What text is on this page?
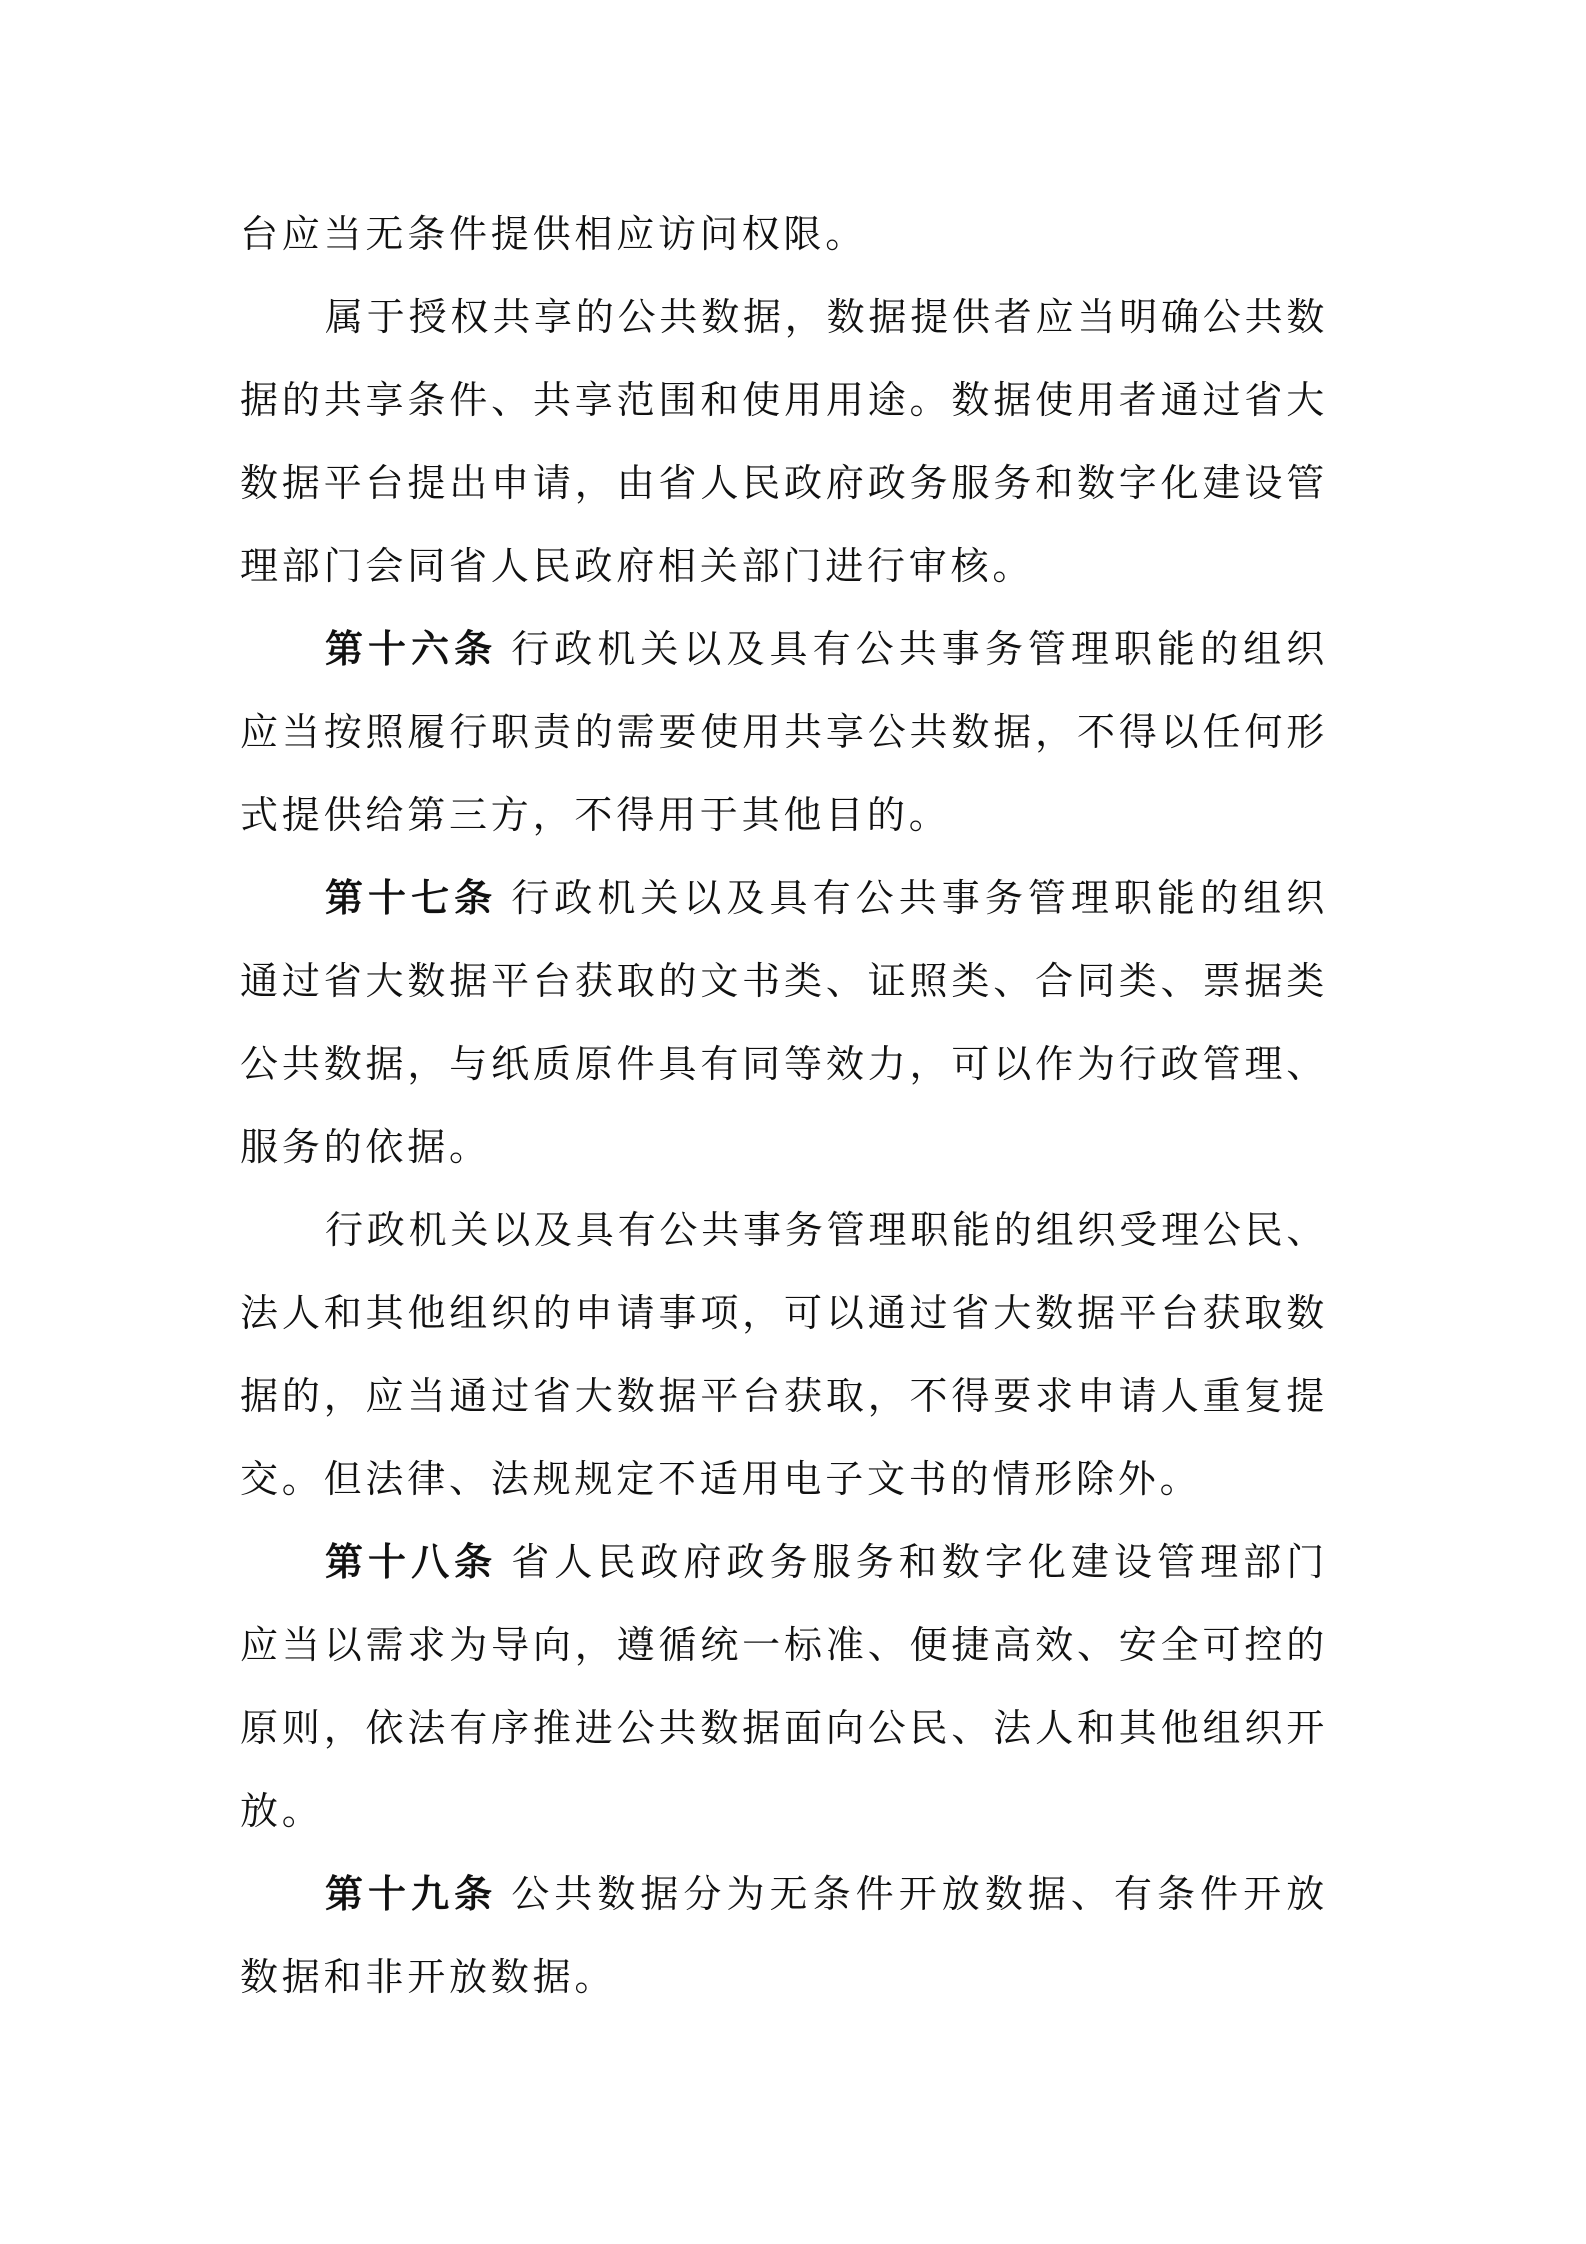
台应当无条件提供相应访问权限。
属于授权共享的公共数据，数据提供者应当明确公共数
据的共享条件、共享范围和使用用途。数据使用者通过省大
数据平台提出申请，由省人民政府政务服务和数字化建设管
理部门会同省人民政府相关部门进行审核。
第十六条 行政机关以及具有公共事务管理职能的组织
应当按照履行职责的需要使用共享公共数据，不得以任何形
式提供给第三方，不得用于其他目的。
第十七条 行政机关以及具有公共事务管理职能的组织
通过省大数据平台获取的文书类、证照类、合同类、票据类
公共数据，与纸质原件具有同等效力，可以作为行政管理、
服务的依据。
行政机关以及具有公共事务管理职能的组织受理公民、
法人和其他组织的申请事项，可以通过省大数据平台获取数
据的，应当通过省大数据平台获取，不得要求申请人重复提
交。但法律、法规规定不适用电子文书的情形除外。
第十八条 省人民政府政务服务和数字化建设管理部门
应当以需求为导向，遵循统一标准、便捷高效、安全可控的
原则，依法有序推进公共数据面向公民、法人和其他组织开
放。
第十九条 公共数据分为无条件开放数据、有条件开放
数据和非开放数据。
